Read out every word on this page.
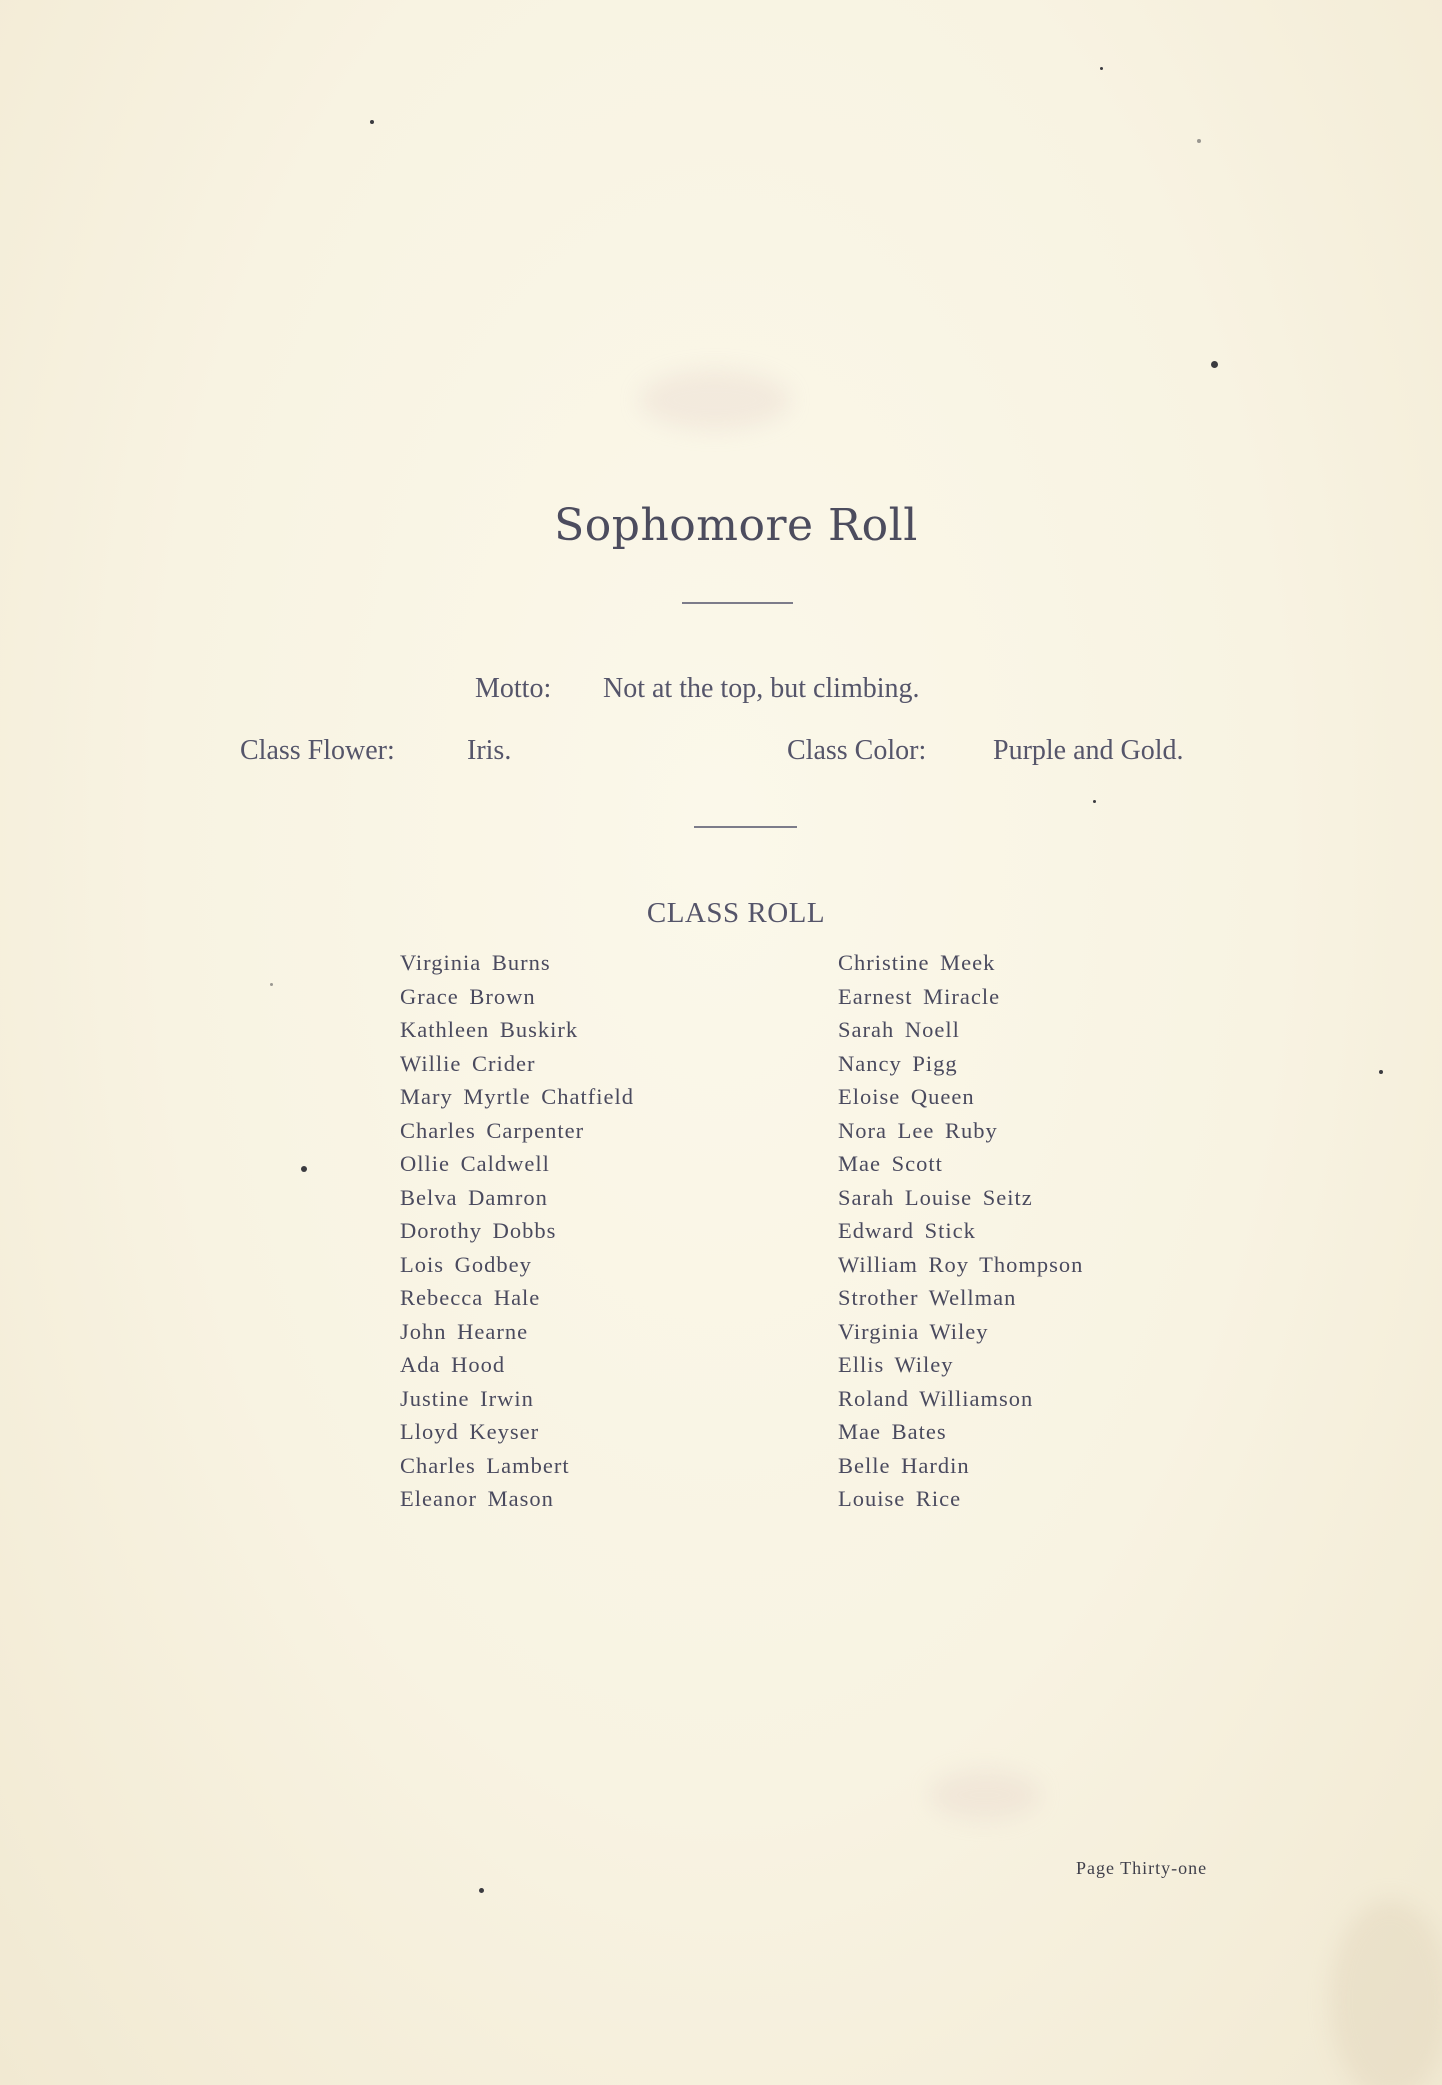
Sophomore Roll
Motto: Not at the top, but climbing.
Class Flower:	Iris.	Class Color: Purple and Gold.
CLASS ROLL
Virginia Burns
Grace Brown
Kathleen Buskirk
Willie Crider
Mary Myrtle Chatfield
Charles Carpenter
Ollie Caldwell
Belva Damron
Dorothy Dobbs
Lois Godbey
Rebecca Hale
John Hearne
Ada Hood
Justine Irwin
Lloyd Keyser
Charles Lambert
Eleanor Mason
Christine Meek
Earnest Miracle
Sarah Noell
Nancy Pigg
Eloise Queen
Nora Lee Ruby
Mae Scott
Sarah Louise Seitz
Edward Stick
William Roy Thompson
Strother Wellman
Virginia Wiley
Ellis Wiley
Roland Williamson
Mae Bates
Belle Hardin
Louise Rice
Page Thirty-one
